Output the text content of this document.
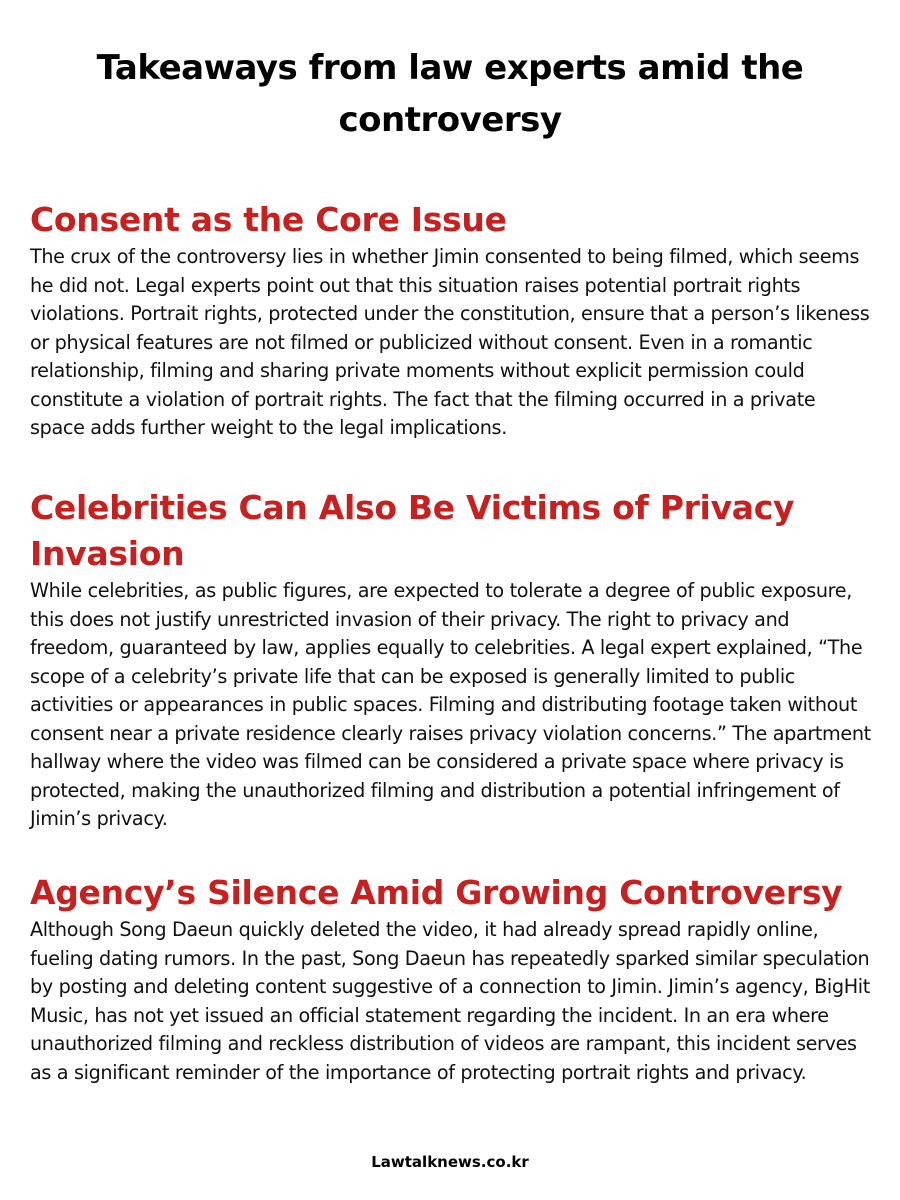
Takeaways from law experts amid the controversy
Consent as the Core Issue

The crux of the controversy lies in whether Jimin consented to being filmed, which seems he did not. Legal experts point out that this situation raises potential portrait rights violations. Portrait rights, protected under the constitution, ensure that a person’s likeness or physical features are not filmed or publicized without consent. Even in a romantic relationship, filming and sharing private moments without explicit permission could constitute a violation of portrait rights. The fact that the filming occurred in a private space adds further weight to the legal implications.

Celebrities Can Also Be Victims of Privacy Invasion

While celebrities, as public figures, are expected to tolerate a degree of public exposure, this does not justify unrestricted invasion of their privacy. The right to privacy and freedom, guaranteed by law, applies equally to celebrities. A legal expert explained, “The scope of a celebrity’s private life that can be exposed is generally limited to public activities or appearances in public spaces. Filming and distributing footage taken without consent near a private residence clearly raises privacy violation concerns.” The apartment hallway where the video was filmed can be considered a private space where privacy is protected, making the unauthorized filming and distribution a potential infringement of Jimin’s privacy.

Agency’s Silence Amid Growing Controversy

Although Song Daeun quickly deleted the video, it had already spread rapidly online, fueling dating rumors. In the past, Song Daeun has repeatedly sparked similar speculation by posting and deleting content suggestive of a connection to Jimin. Jimin’s agency, BigHit Music, has not yet issued an official statement regarding the incident. In an era where unauthorized filming and reckless distribution of videos are rampant, this incident serves as a significant reminder of the importance of protecting portrait rights and privacy.

Lawtalknews.co.kr
